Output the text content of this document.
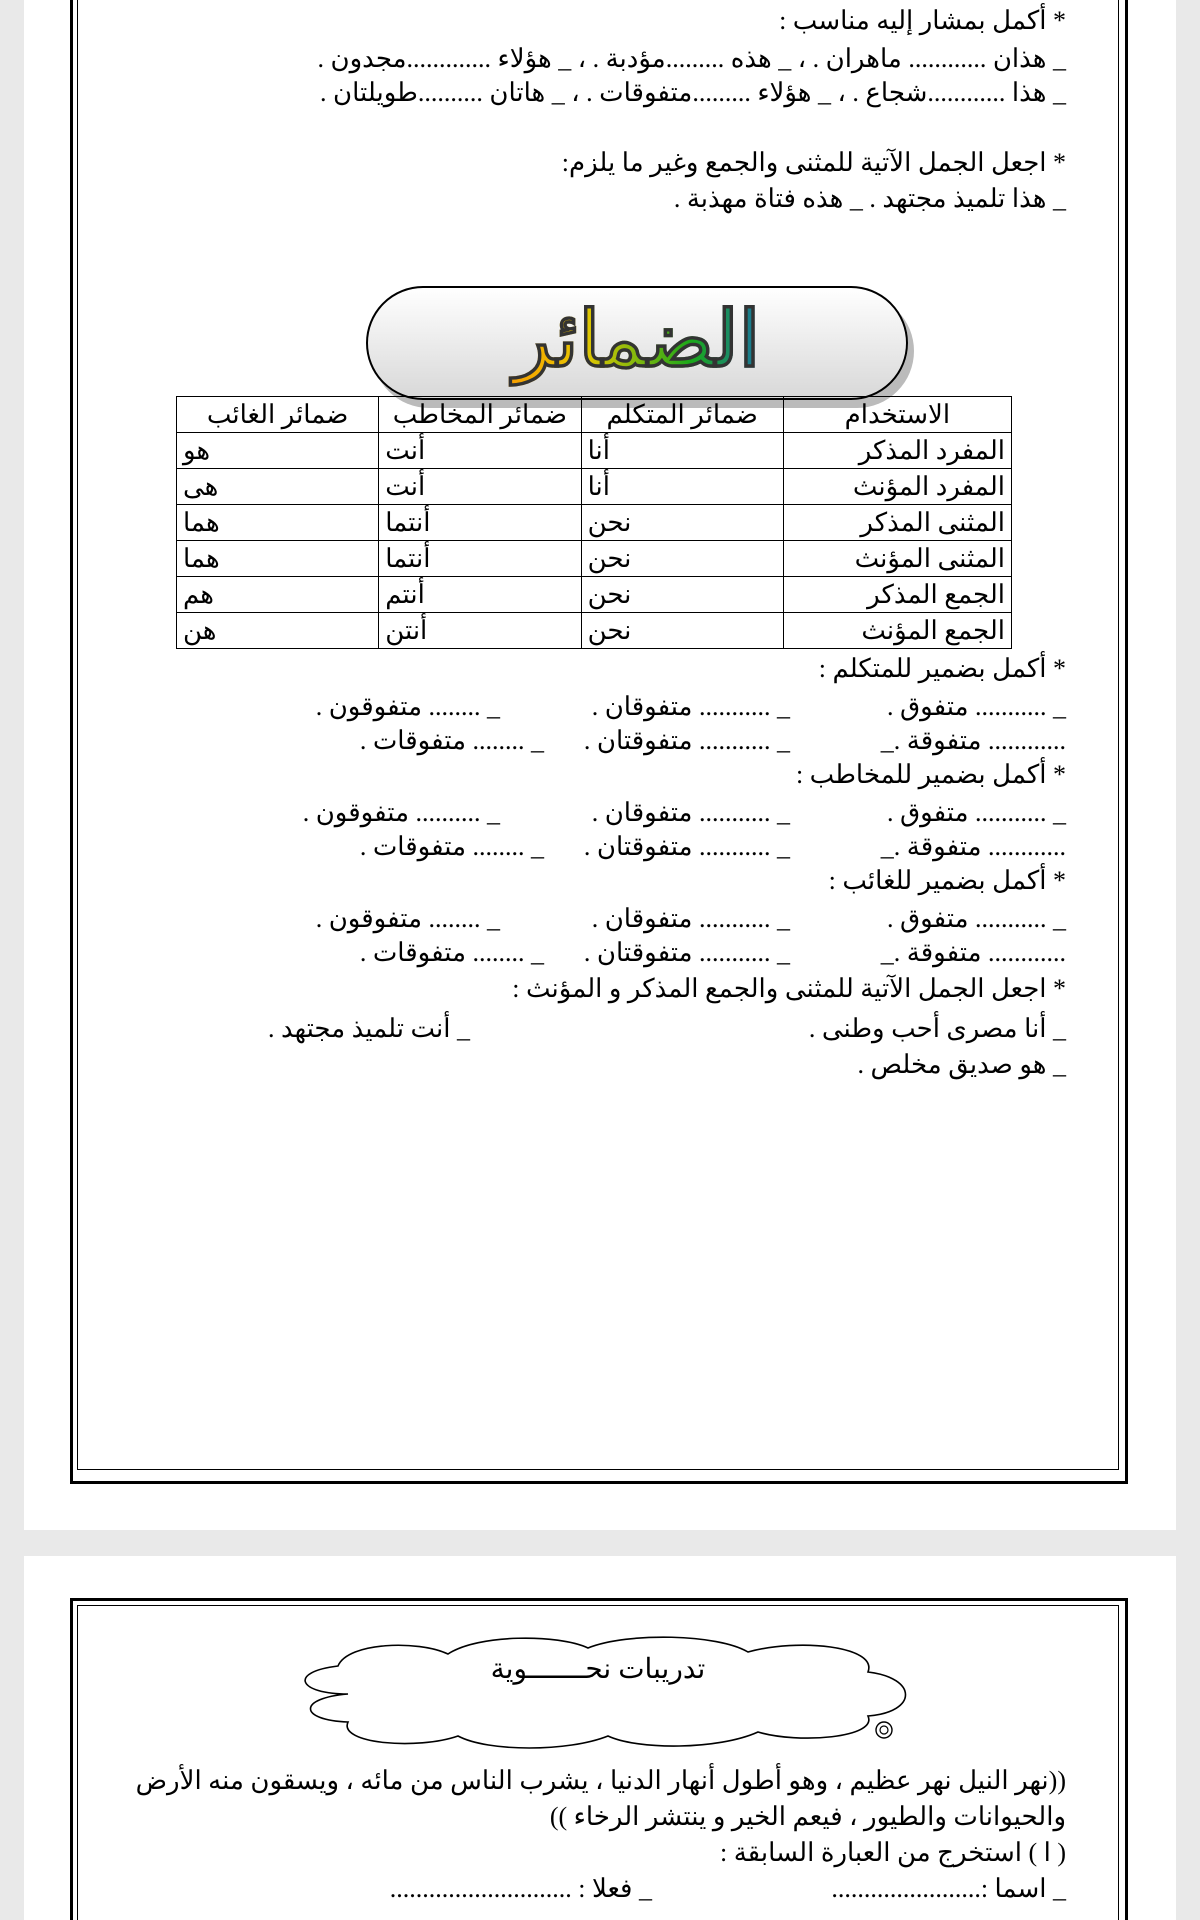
* أكمل بمشار إليه مناسب :
_ هذان ............ ماهران . ، _ هذه .........مؤدبة . ، _ هؤلاء .............مجدون .
_ هذا ............شجاع . ، _ هؤلاء .........متفوقات . ، _ هاتان ..........طويلتان .
* اجعل الجمل الآتية للمثنى والجمع وغير ما يلزم:
_ هذا تلميذ مجتهد . _ هذه فتاة مهذبة .
الضمائر
الاستخدام	ضمائر المتكلم	ضمائر المخاطب	ضمائر الغائب
المفرد المذكر	أنا	أنت	هو
المفرد المؤنث	أنا	أنت	هى
المثنى المذكر	نحن	أنتما	هما
المثنى المؤنث	نحن	أنتما	هما
الجمع المذكر	نحن	أنتم	هم
الجمع المؤنث	نحن	أنتن	هن
* أكمل بضمير للمتكلم :
_ ........... متفوق .
_ ........... متفوقان .
_ ........ متفوقون .
............ متفوقة ._
_ ........... متفوقتان .
_ ........ متفوقات .
* أكمل بضمير للمخاطب :
_ ........... متفوق .
_ ........... متفوقان .
_ .......... متفوقون .
............ متفوقة ._
_ ........... متفوقتان .
_ ........ متفوقات .
* أكمل بضمير للغائب :
_ ........... متفوق .
_ ........... متفوقان .
_ ........ متفوقون .
............ متفوقة ._
_ ........... متفوقتان .
_ ........ متفوقات .
* اجعل الجمل الآتية للمثنى والجمع المذكر و المؤنث :
_ أنا مصرى أحب وطنى .
_ أنت تلميذ مجتهد .
_ هو صديق مخلص .
تدريبات نحـــــــوية
((نهر النيل نهر عظيم ، وهو أطول أنهار الدنيا ، يشرب الناس من مائه ، ويسقون منه الأرض
والحيوانات والطيور ، فيعم الخير و ينتشر الرخاء ))
( ا ) استخرج من العبارة السابقة :
_ اسما :.......................
_ فعلا : ............................
